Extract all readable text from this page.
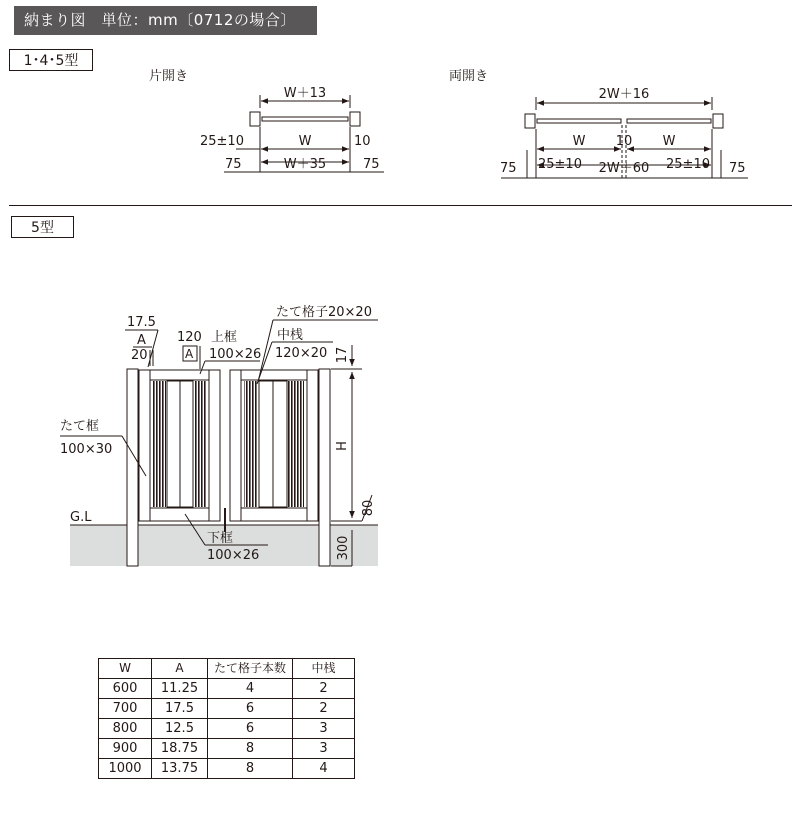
納まり図　単位：mm〔0712の場合〕
1･4･5型
5型
片開き
W＋13
25±10	W	10
75	W＋35	75
両開き
2W＋16
W 10 W
75 25±10 2W＋60 25±10 75
G.L
H
17
80
300
17.5
A
20
120
A
上框
100×26
たて格子20×20
中桟
120×20
たて框
100×30
下框
100×26
W	A	たて格子本数	中桟
600	11.25	4	2
700	17.5	6	2
800	12.5	6	3
900	18.75	8	3
1000	13.75	8	4
